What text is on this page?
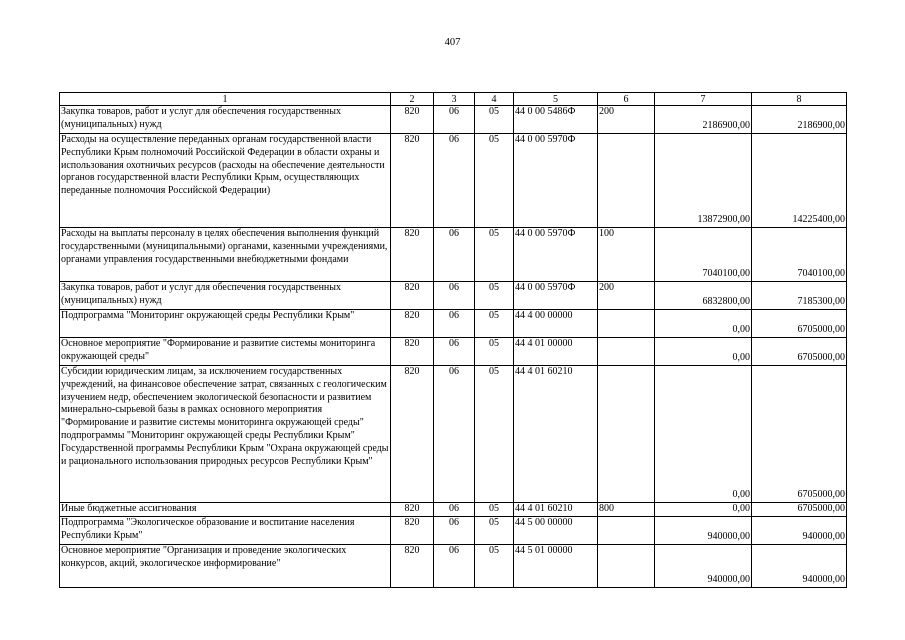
407
1	2	3	4	5	6	7	8
Закупка товаров, работ и услуг для обеспечения государственных (муниципальных) нужд	820	06	05	44 0 00 5486Ф	200	2186900,00	2186900,00
Расходы на осуществление переданных органам государственной власти Республики Крым полномочий Российской Федерации в области охраны и использования охотничьих ресурсов (расходы на обеспечение деятельности органов государственной власти Республики Крым, осуществляющих переданные полномочия Российской Федерации)	820	06	05	44 0 00 5970Ф		13872900,00	14225400,00
Расходы на выплаты персоналу в целях обеспечения выполнения функций государственными (муниципальными) органами, казенными учреждениями, органами управления государственными внебюджетными фондами	820	06	05	44 0 00 5970Ф	100	7040100,00	7040100,00
Закупка товаров, работ и услуг для обеспечения государственных (муниципальных) нужд	820	06	05	44 0 00 5970Ф	200	6832800,00	7185300,00
Подпрограмма "Мониторинг окружающей среды Республики Крым"	820	06	05	44 4 00 00000		0,00	6705000,00
Основное мероприятие "Формирование и развитие системы мониторинга окружающей среды"	820	06	05	44 4 01 00000		0,00	6705000,00
Субсидии юридическим лицам, за исключением государственных учреждений, на финансовое обеспечение затрат, связанных с геологическим изучением недр, обеспечением экологической безопасности и развитием минерально-сырьевой базы в рамках основного мероприятия "Формирование и развитие системы мониторинга окружающей среды" подпрограммы "Мониторинг окружающей среды Республики Крым" Государственной программы Республики Крым "Охрана окружающей среды и рационального использования природных ресурсов Республики Крым"	820	06	05	44 4 01 60210		0,00	6705000,00
Иные бюджетные ассигнования	820	06	05	44 4 01 60210	800	0,00	6705000,00
Подпрограмма "Экологическое образование и воспитание населения Республики Крым"	820	06	05	44 5 00 00000		940000,00	940000,00
Основное мероприятие "Организация и проведение экологических конкурсов, акций, экологическое информирование"	820	06	05	44 5 01 00000		940000,00	940000,00
